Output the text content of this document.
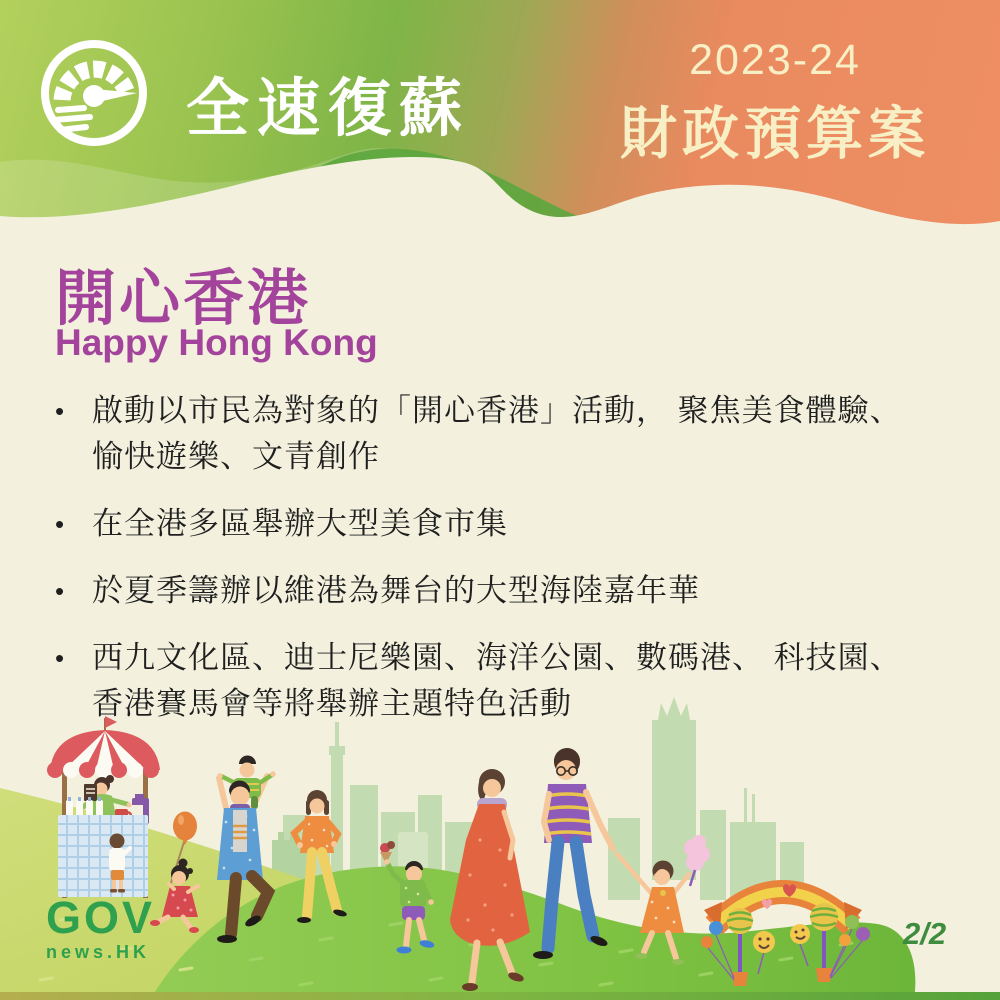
全速復蘇
2023-24
財政預算案
開心香港
Happy Hong Kong
• 啟動以市民為對象的「開心香港」活動， 聚焦美食體驗、
愉快遊樂、文青創作
• 在全港多區舉辦大型美食市集
• 於夏季籌辦以維港為舞台的大型海陸嘉年華
• 西九文化區、迪士尼樂園、海洋公園、數碼港、 科技園、
香港賽馬會等將舉辦主題特色活動
GOV
news.HK
2/2
